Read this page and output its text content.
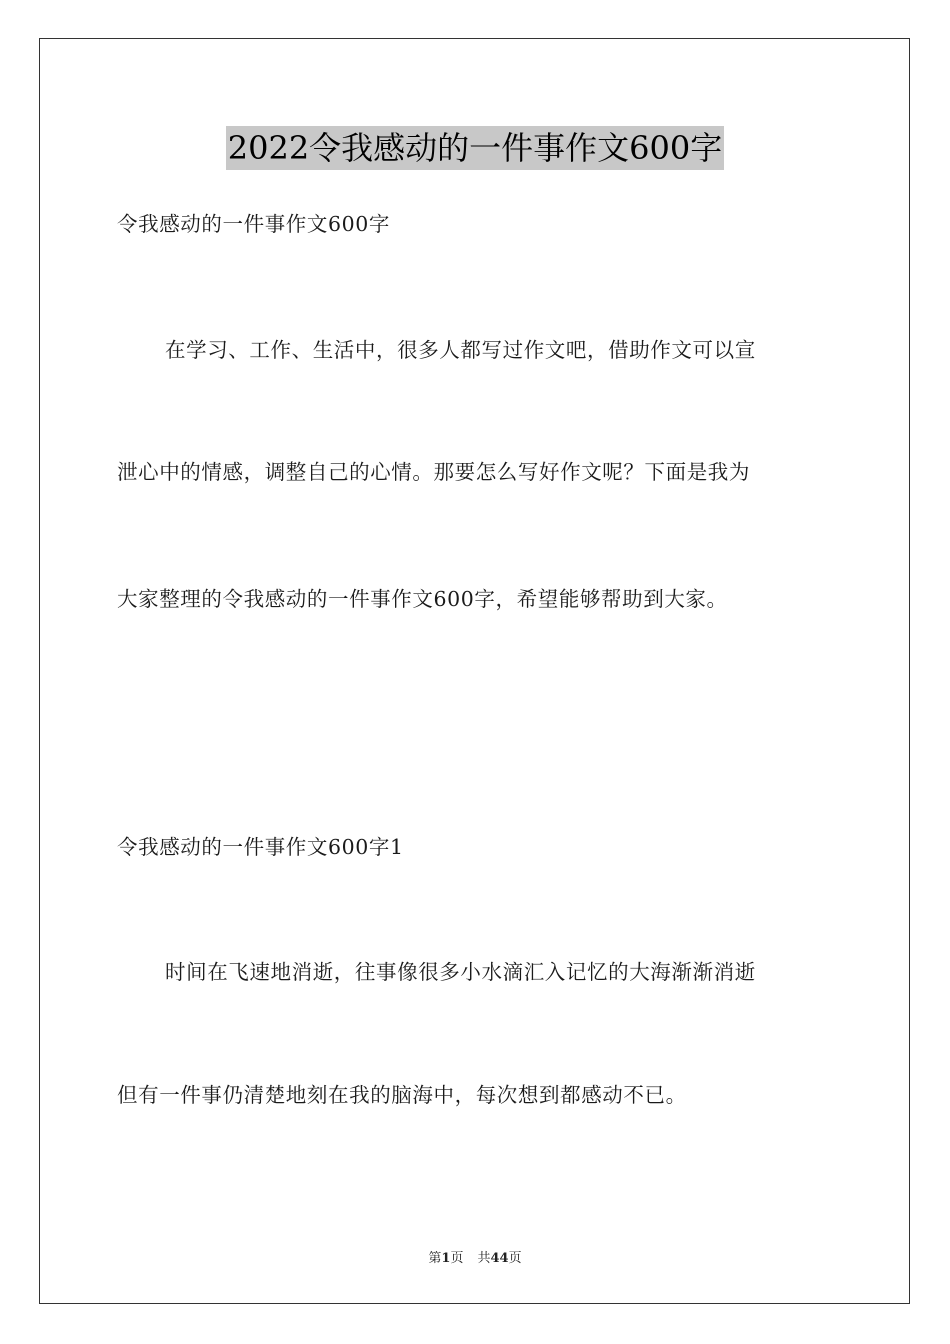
2022令我感动的一件事作文600字
令我感动的一件事作文600字
在学习、工作、生活中，很多人都写过作文吧，借助作文可以宣
泄心中的情感，调整自己的心情。那要怎么写好作文呢？下面是我为
大家整理的令我感动的一件事作文600字，希望能够帮助到大家。
令我感动的一件事作文600字1
时间在飞速地消逝，往事像很多小水滴汇入记忆的大海渐渐消逝
但有一件事仍清楚地刻在我的脑海中，每次想到都感动不已。
第1页 共44页
